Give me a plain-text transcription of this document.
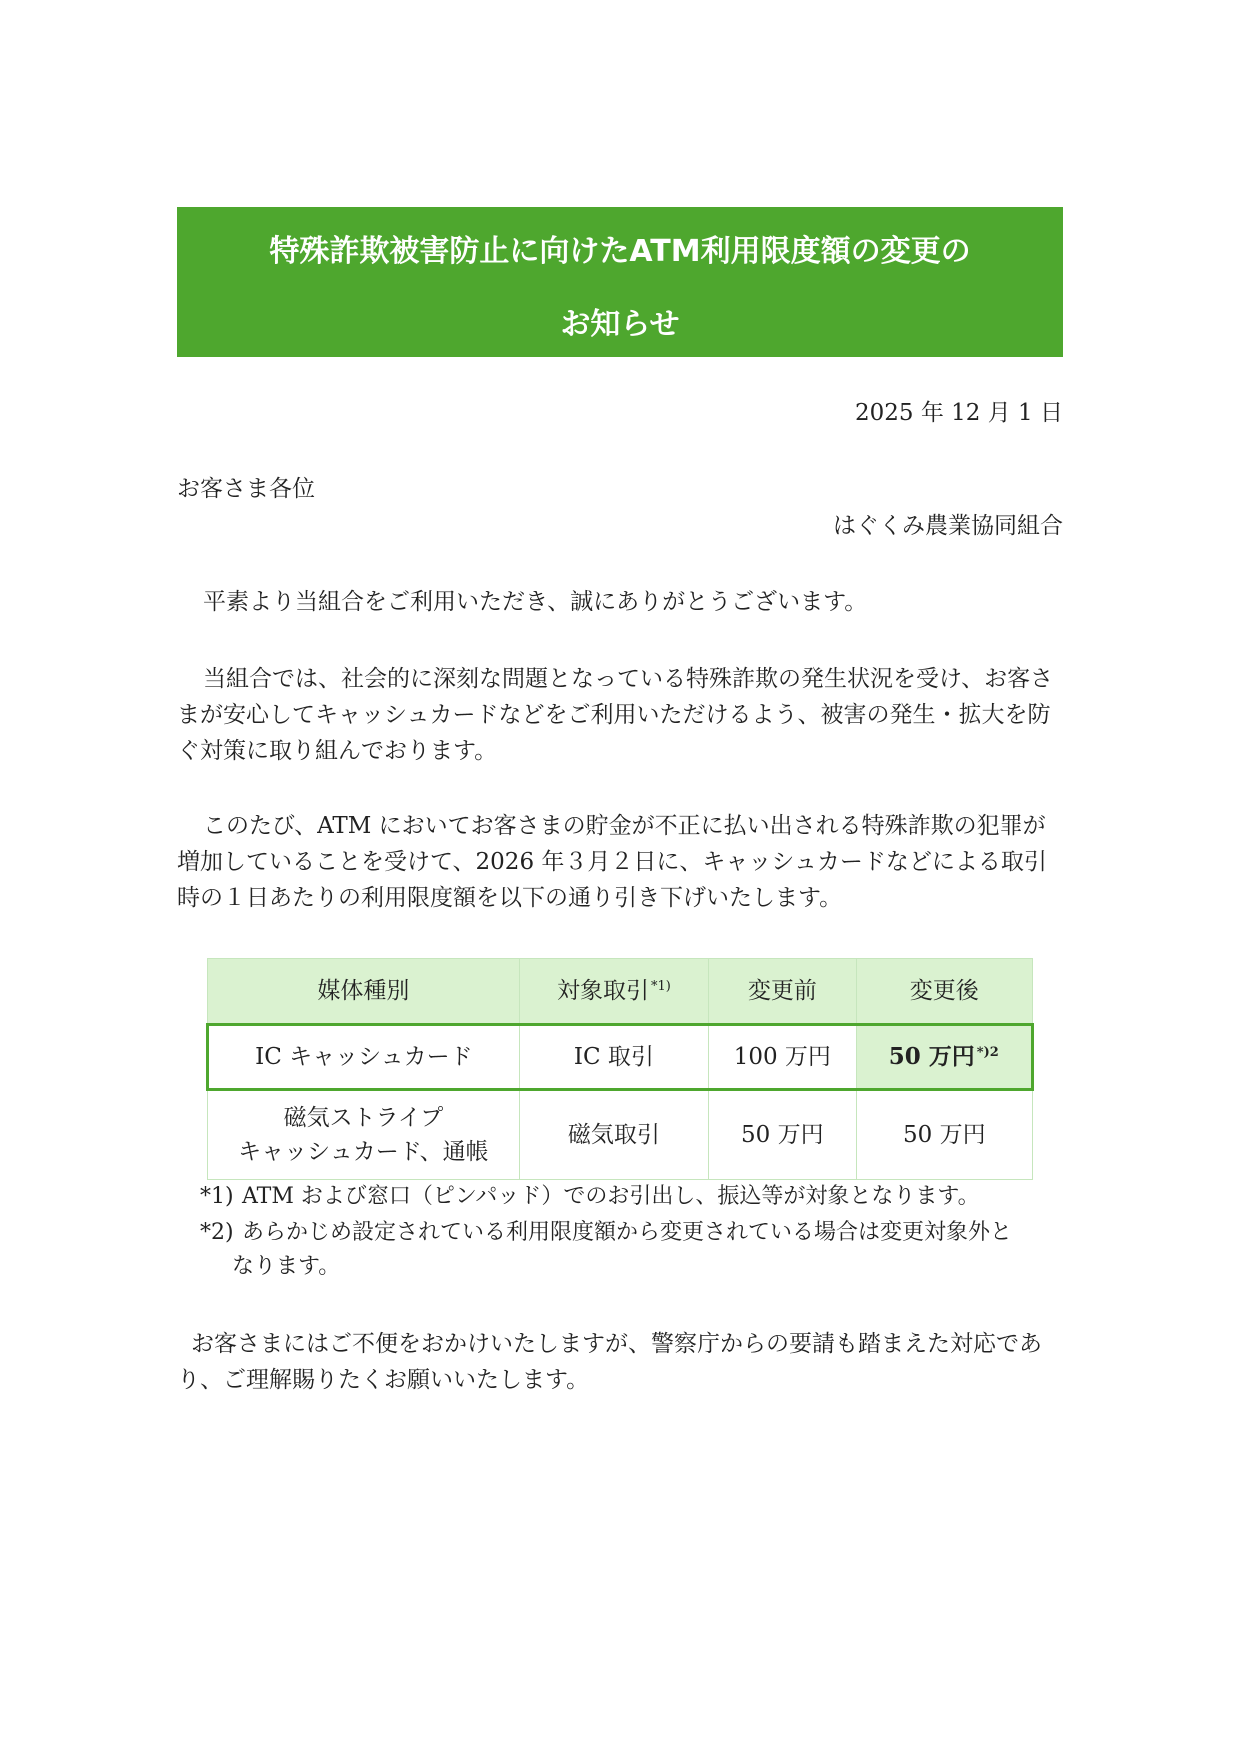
特殊詐欺被害防止に向けたATM利用限度額の変更の
お知らせ
2025 年 12 月 1 日
お客さま各位
はぐくみ農業協同組合
平素より当組合をご利用いただき、誠にありがとうございます。
当組合では、社会的に深刻な問題となっている特殊詐欺の発生状況を受け、お客さまが安心してキャッシュカードなどをご利用いただけるよう、被害の発生・拡大を防ぐ対策に取り組んでおります。
このたび、ATM においてお客さまの貯金が不正に払い出される特殊詐欺の犯罪が増加していることを受けて、2026 年３月２日に、キャッシュカードなどによる取引時の１日あたりの利用限度額を以下の通り引き下げいたします。
媒体種別	対象取引 $^{*1)}$	変更前	変更後
IC キャッシュカード	IC 取引	100 万円	50 万円 $^{*)2}$

磁気ストライプ
キャッシュカード、通帳	磁気取引	50 万円	50 万円
*1) ATM および窓口（ピンパッド）でのお引出し、振込等が対象となります。
*2) あらかじめ設定されている利用限度額から変更されている場合は変更対象外と
なります。
お客さまにはご不便をおかけいたしますが、警察庁からの要請も踏まえた対応であり、ご理解賜りたくお願いいたします。
